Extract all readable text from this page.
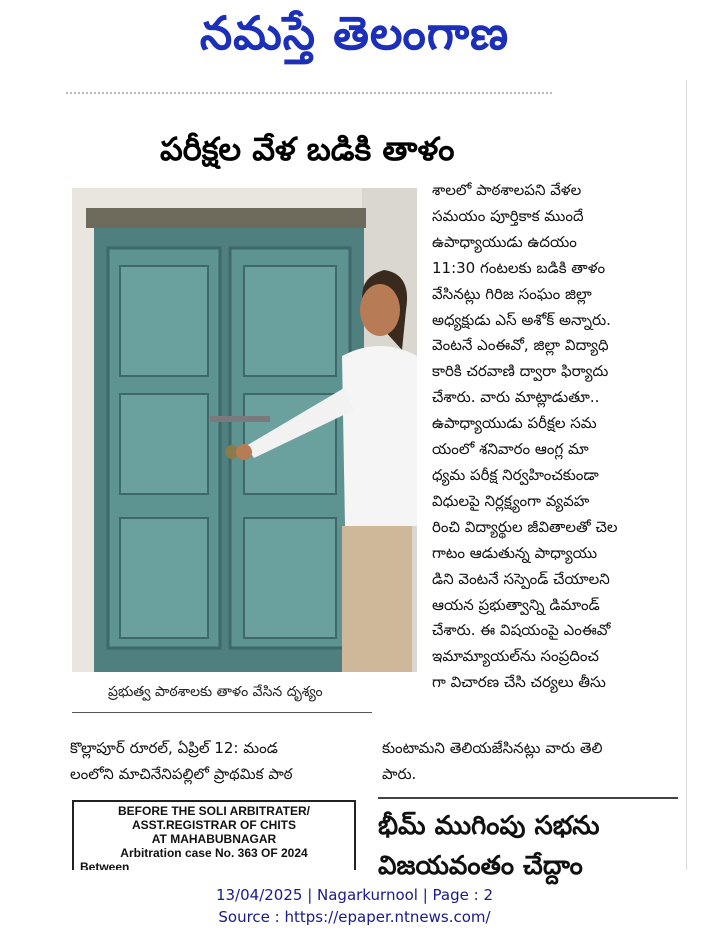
నమస్తే తెలంగాణ
పరీక్షల వేళ బడికి తాళం
ప్రభుత్వ పాఠశాలకు తాళం వేసిన దృశ్యం
శాలలో పాఠశాలపని వేళల
సమయం పూర్తికాక ముందే
ఉపాధ్యాయుడు ఉదయం
11:30 గంటలకు బడికి తాళం
వేసినట్లు గిరిజ సంఘం జిల్లా
అధ్యక్షుడు ఎస్ అశోక్ అన్నారు.
వెంటనే ఎంఈవో, జిల్లా విద్యాధి
కారికి చరవాణి ద్వారా ఫిర్యాదు
చేశారు. వారు మాట్లాడుతూ..
ఉపాధ్యాయుడు పరీక్షల సమ
యంలో శనివారం ఆంగ్ల మా
ధ్యమ పరీక్ష నిర్వహించకుండా
విధులపై నిర్లక్ష్యంగా వ్యవహ
రించి విద్యార్థుల జీవితాలతో చెల
గాటం ఆడుతున్న పాధ్యాయు
డిని వెంటనే సస్పెండ్ చేయాలని
ఆయన ప్రభుత్వాన్ని డిమాండ్
చేశారు. ఈ విషయంపై ఎంఈవో
ఇమామ్యాయల్‌ను సంప్రదించ
గా విచారణ చేసి చర్యలు తీసు
కొల్లాపూర్ రూరల్, ఏప్రిల్ 12: మండ
లంలోని మాచినేనిపల్లిలో ప్రాథమిక పాఠ
కుంటామని తెలియజేసినట్లు వారు తెలి
పారు.
BEFORE THE SOLI ARBITRATER/
ASST.REGISTRAR OF CHITS
AT MAHABUBNAGAR
Arbitration case No. 363 OF 2024
Between
భీమ్ ముగింపు సభను
విజయవంతం చేద్దాం
13/04/2025 | Nagarkurnool | Page : 2
Source : https://epaper.ntnews.com/
